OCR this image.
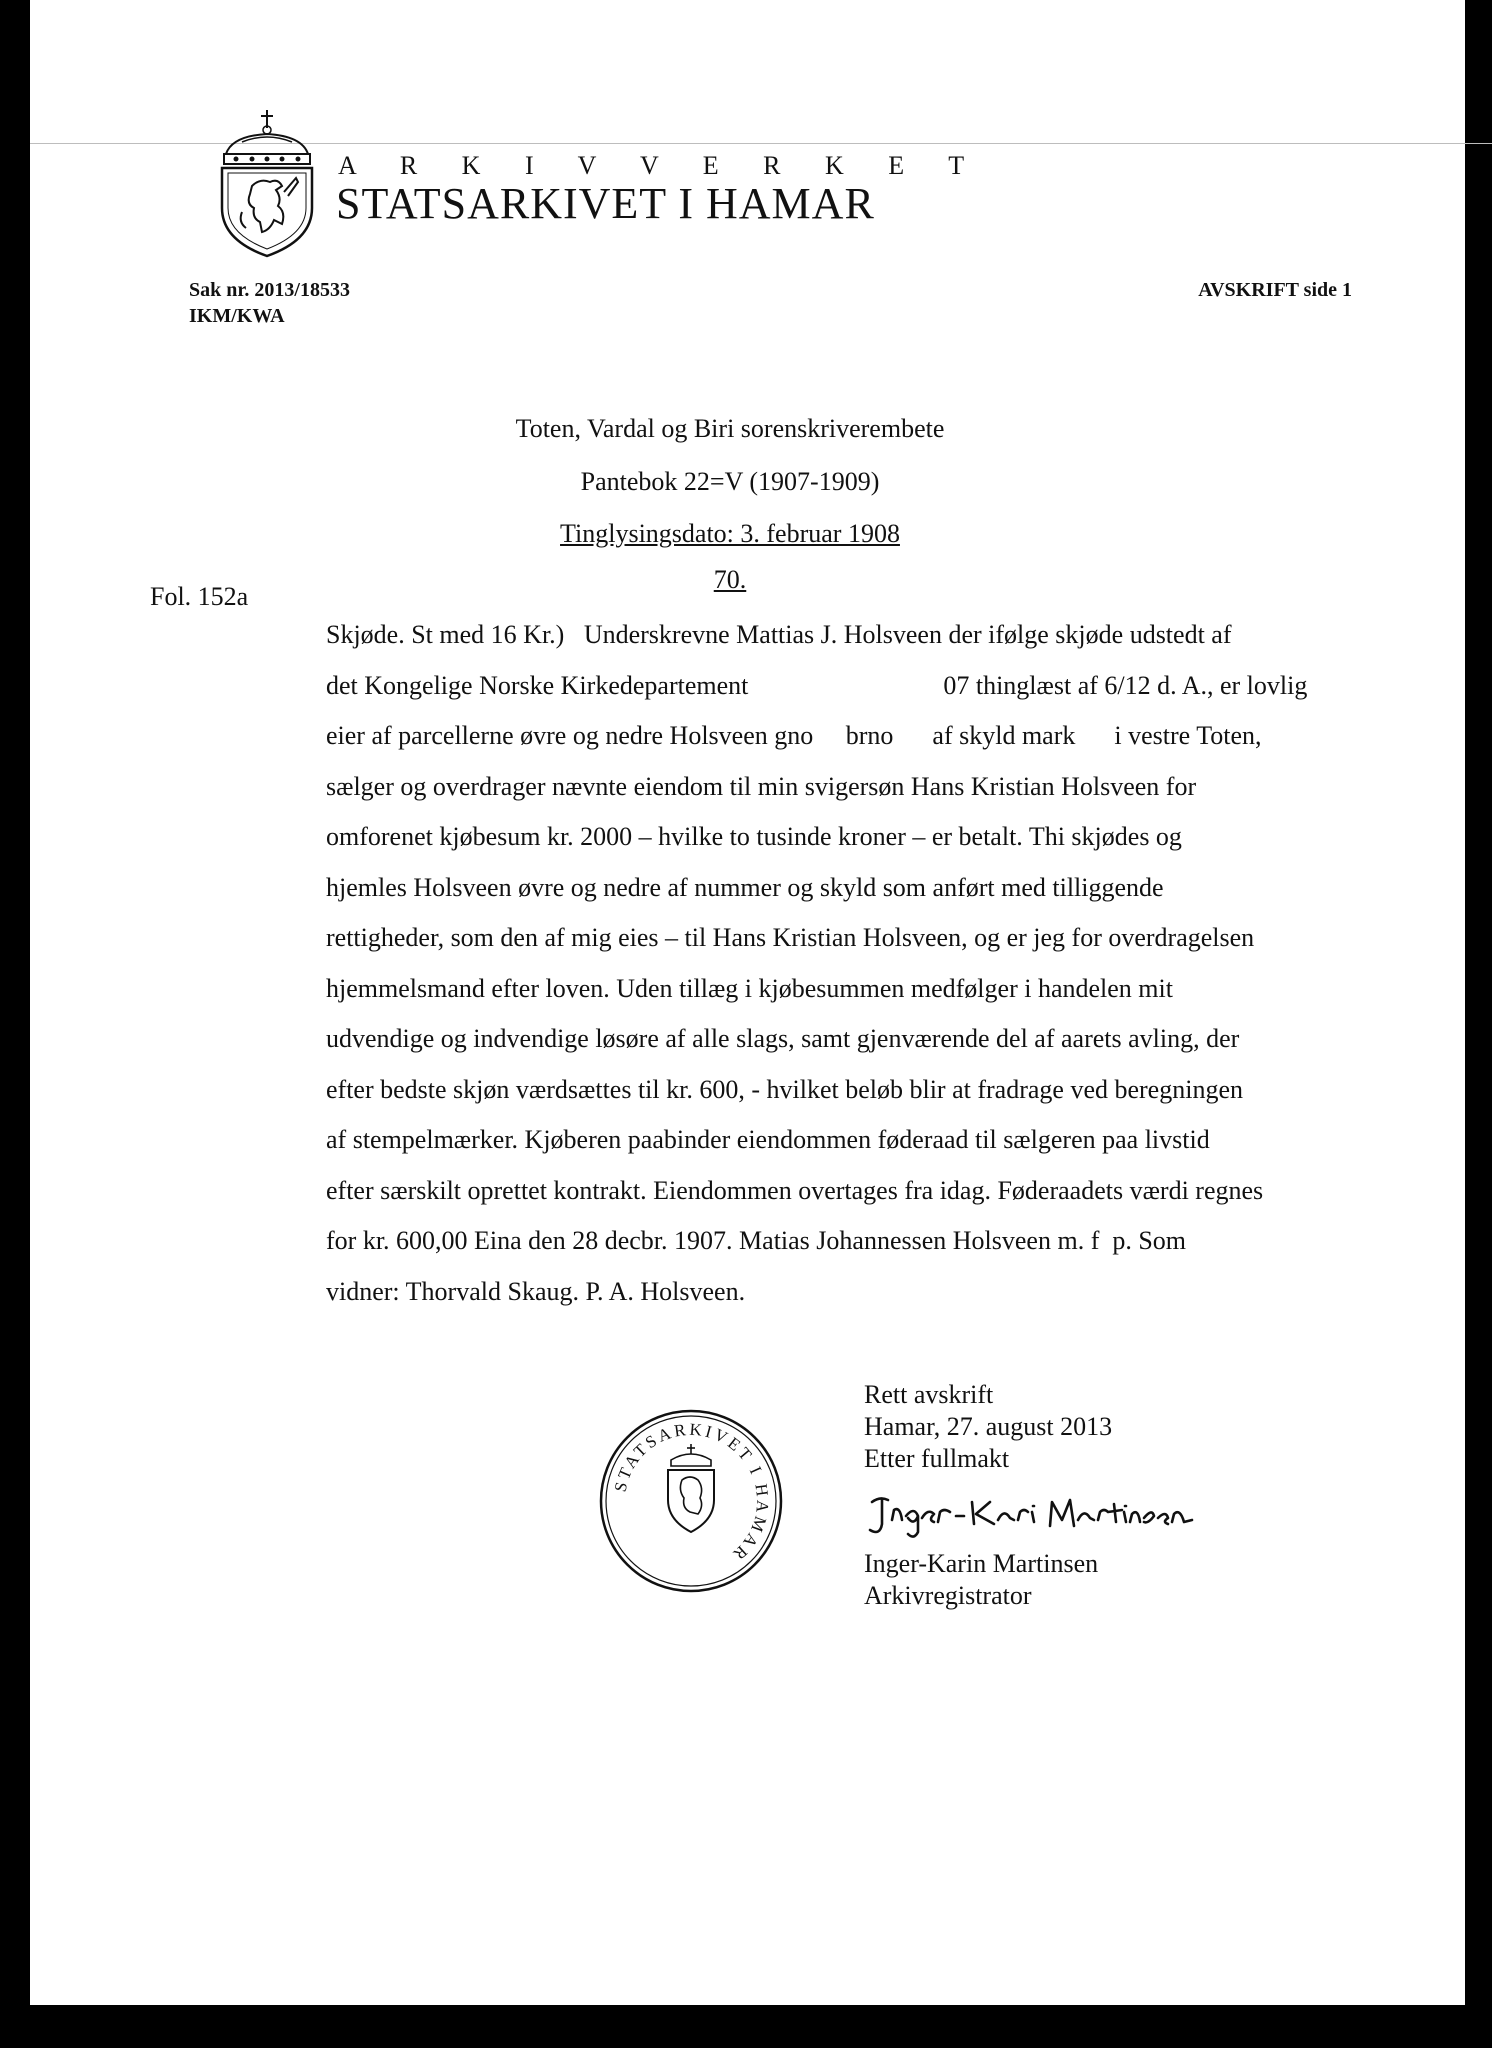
A R K I V V E R K E T
STATSARKIVET I HAMAR
Sak nr. 2013/18533
IKM/KWA
AVSKRIFT side 1
Toten, Vardal og Biri sorenskriverembete
Pantebok 22=V (1907-1909)
Tinglysingsdato: 3. februar 1908
70.
Fol. 152a
Skjøde. St med 16 Kr.)   Underskrevne Mattias J. Holsveen der ifølge skjøde udstedt af
det Kongelige Norske Kirkedepartement                              07 thinglæst af 6/12 d. A., er lovlig
eier af parcellerne øvre og nedre Holsveen gno     brno      af skyld mark      i vestre Toten,
sælger og overdrager nævnte eiendom til min svigersøn Hans Kristian Holsveen for
omforenet kjøbesum kr. 2000 – hvilke to tusinde kroner – er betalt. Thi skjødes og
hjemles Holsveen øvre og nedre af nummer og skyld som anført med tilliggende
rettigheder, som den af mig eies – til Hans Kristian Holsveen, og er jeg for overdragelsen
hjemmelsmand efter loven. Uden tillæg i kjøbesummen medfølger i handelen mit
udvendige og indvendige løsøre af alle slags, samt gjenværende del af aarets avling, der
efter bedste skjøn værdsættes til kr. 600, - hvilket beløb blir at fradrage ved beregningen
af stempelmærker. Kjøberen paabinder eiendommen føderaad til sælgeren paa livstid
efter særskilt oprettet kontrakt. Eiendommen overtages fra idag. Føderaadets værdi regnes
for kr. 600,00 Eina den 28 decbr. 1907. Matias Johannessen Holsveen m. f  p. Som
vidner: Thorvald Skaug. P. A. Holsveen.
Rett avskrift
Hamar, 27. august 2013
Etter fullmakt
Inger-Karin Martinsen
Arkivregistrator
STATSARKIVET I HAMAR
